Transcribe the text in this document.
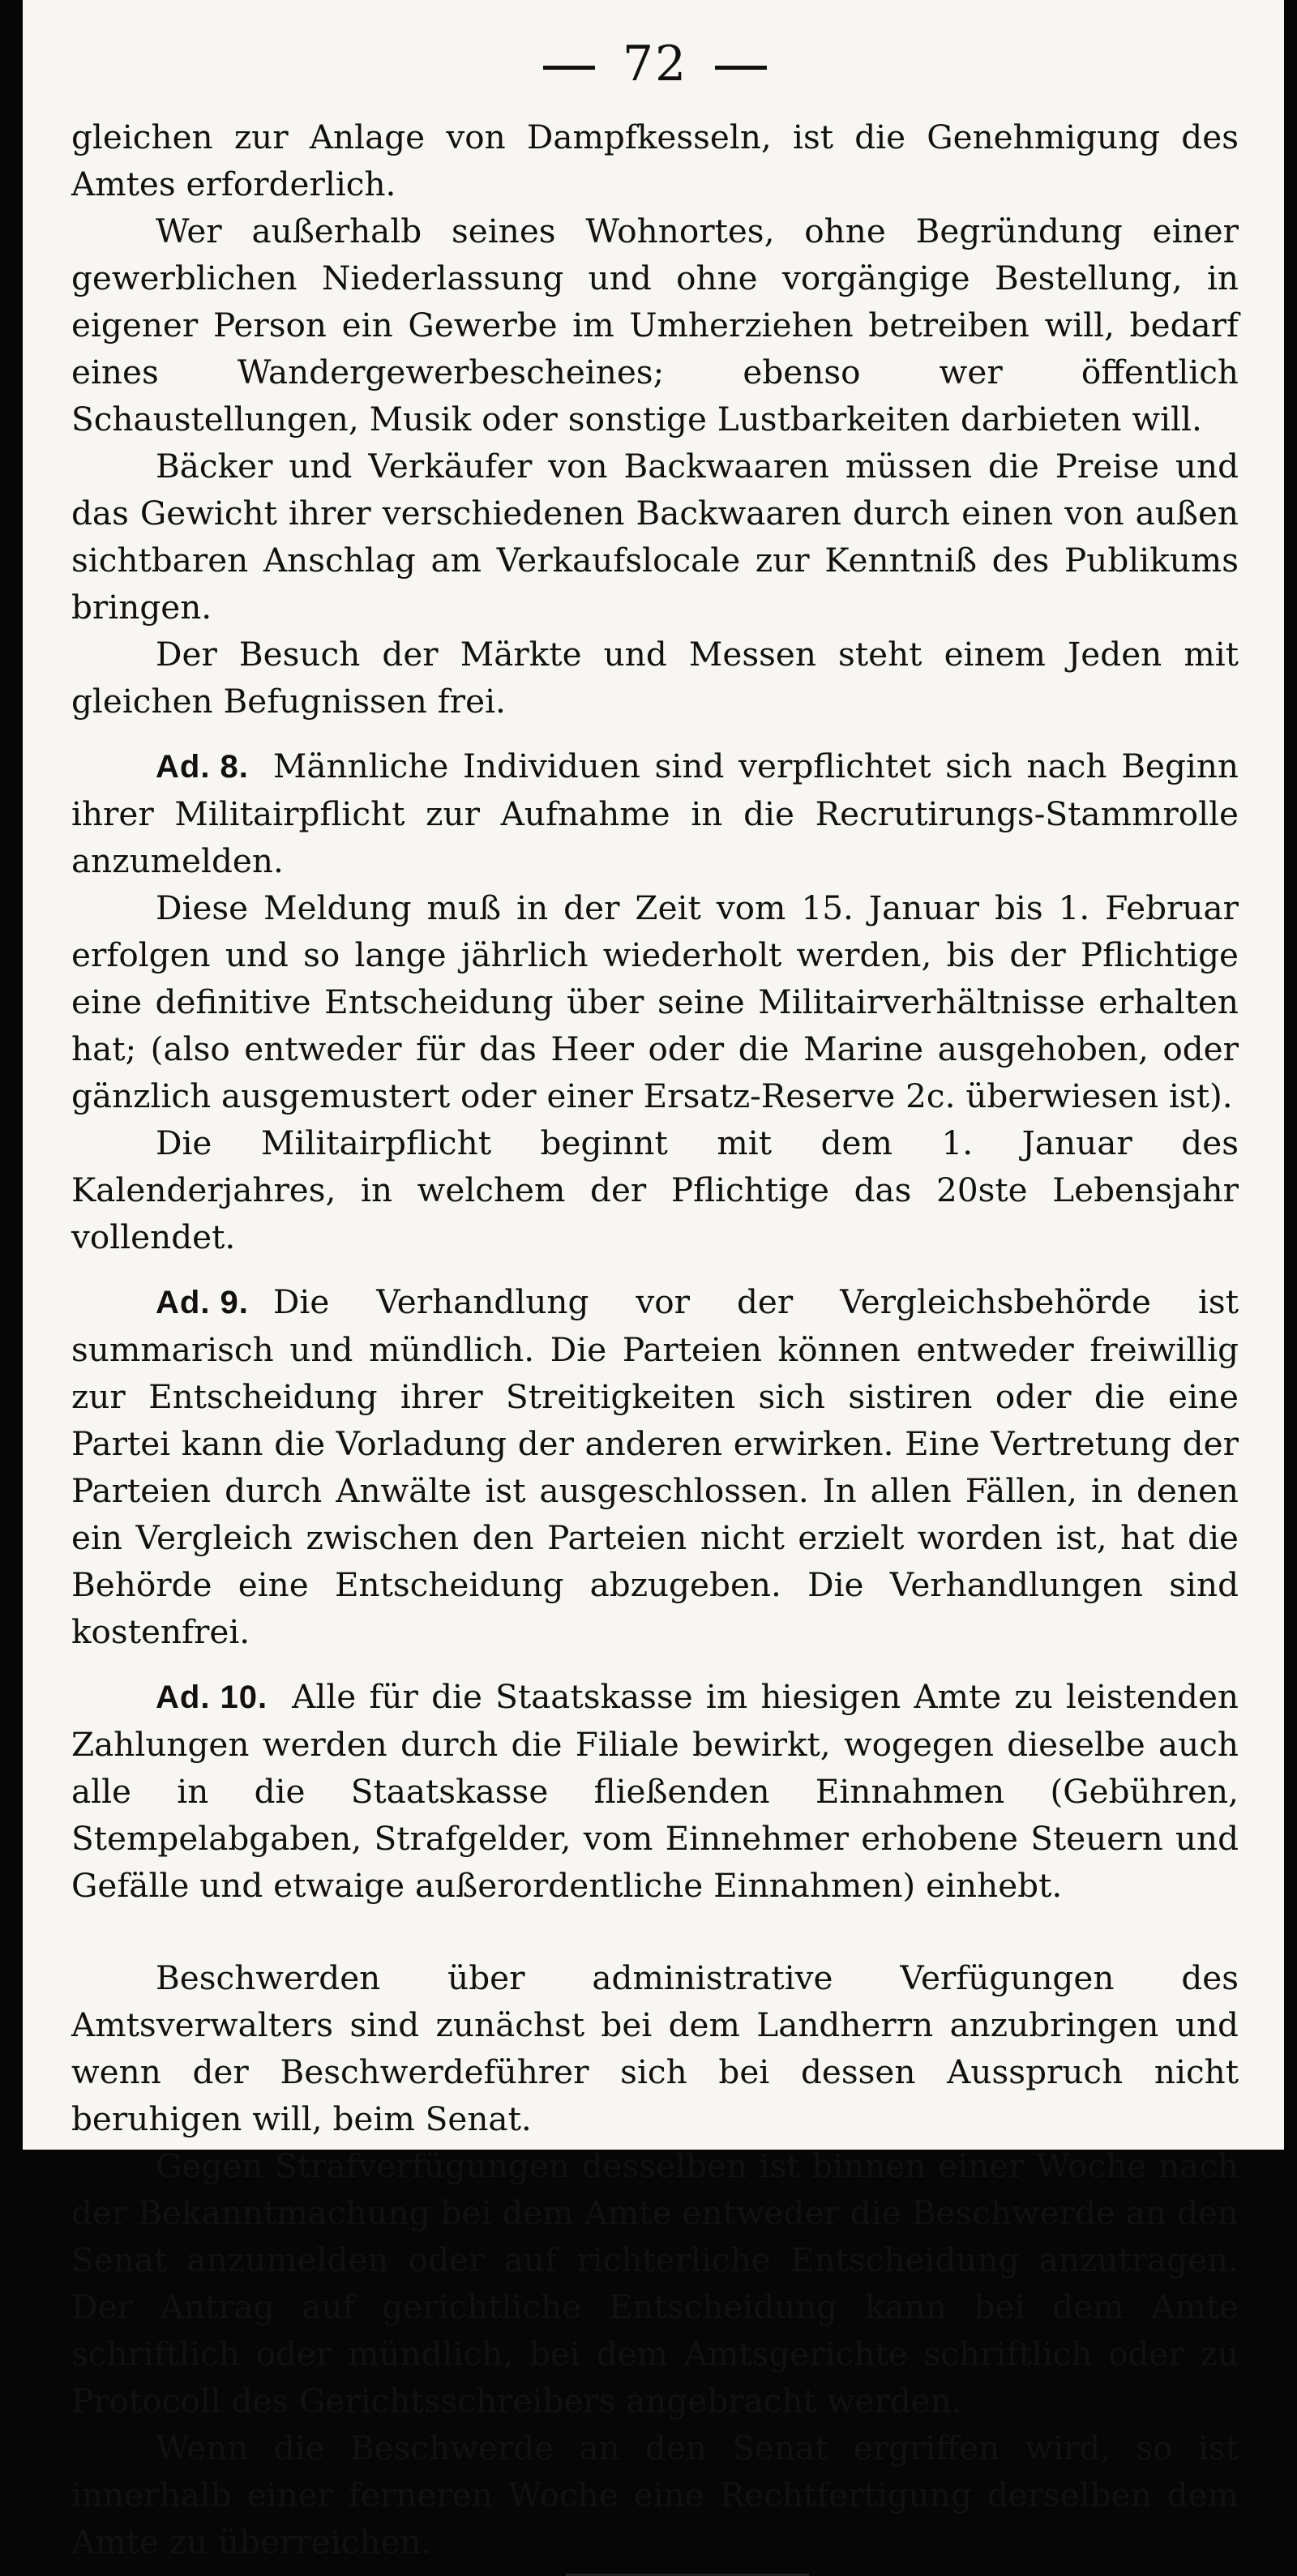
72

gleichen zur Anlage von Dampfkesseln, ist die Genehmigung des Amtes erforderlich.

Wer außerhalb seines Wohnortes, ohne Begründung einer gewerblichen Niederlassung und ohne vorgängige Bestellung, in eigener Person ein Gewerbe im Umherziehen betreiben will, bedarf eines Wandergewerbescheines; ebenso wer öffentlich Schaustellungen, Musik oder sonstige Lustbarkeiten darbieten will.

Bäcker und Verkäufer von Backwaaren müssen die Preise und das Gewicht ihrer verschiedenen Backwaaren durch einen von außen sichtbaren Anschlag am Verkaufslocale zur Kenntniß des Publikums bringen.

Der Besuch der Märkte und Messen steht einem Jeden mit gleichen Befugnissen frei.

Ad. 8. Männliche Individuen sind verpflichtet sich nach Beginn ihrer Militairpflicht zur Aufnahme in die Recrutirungs-Stammrolle anzumelden.

Diese Meldung muß in der Zeit vom 15. Januar bis 1. Februar erfolgen und so lange jährlich wiederholt werden, bis der Pflichtige eine definitive Entscheidung über seine Militairverhältnisse erhalten hat; (also entweder für das Heer oder die Marine ausgehoben, oder gänzlich ausgemustert oder einer Ersatz-Reserve 2c. überwiesen ist).

Die Militairpflicht beginnt mit dem 1. Januar des Kalenderjahres, in welchem der Pflichtige das 20ste Lebensjahr vollendet.

Ad. 9. Die Verhandlung vor der Vergleichsbehörde ist summarisch und mündlich. Die Parteien können entweder freiwillig zur Entscheidung ihrer Streitigkeiten sich sistiren oder die eine Partei kann die Vorladung der anderen erwirken. Eine Vertretung der Parteien durch Anwälte ist ausgeschlossen. In allen Fällen, in denen ein Vergleich zwischen den Parteien nicht erzielt worden ist, hat die Behörde eine Entscheidung abzugeben. Die Verhandlungen sind kostenfrei.

Ad. 10. Alle für die Staatskasse im hiesigen Amte zu leistenden Zahlungen werden durch die Filiale bewirkt, wogegen dieselbe auch alle in die Staatskasse fließenden Einnahmen (Gebühren, Stempelabgaben, Strafgelder, vom Einnehmer erhobene Steuern und Gefälle und etwaige außerordentliche Einnahmen) einhebt.

Beschwerden über administrative Verfügungen des Amtsverwalters sind zunächst bei dem Landherrn anzubringen und wenn der Beschwerdeführer sich bei dessen Ausspruch nicht beruhigen will, beim Senat.

Gegen Strafverfügungen desselben ist binnen einer Woche nach der Bekanntmachung bei dem Amte entweder die Beschwerde an den Senat anzumelden oder auf richterliche Entscheidung anzutragen. Der Antrag auf gerichtliche Entscheidung kann bei dem Amte schriftlich oder mündlich, bei dem Amtsgerichte schriftlich oder zu Protocoll des Gerichtsschreibers angebracht werden.

Wenn die Beschwerde an den Senat ergriffen wird, so ist innerhalb einer ferneren Woche eine Rechtfertigung derselben dem Amte zu überreichen.
